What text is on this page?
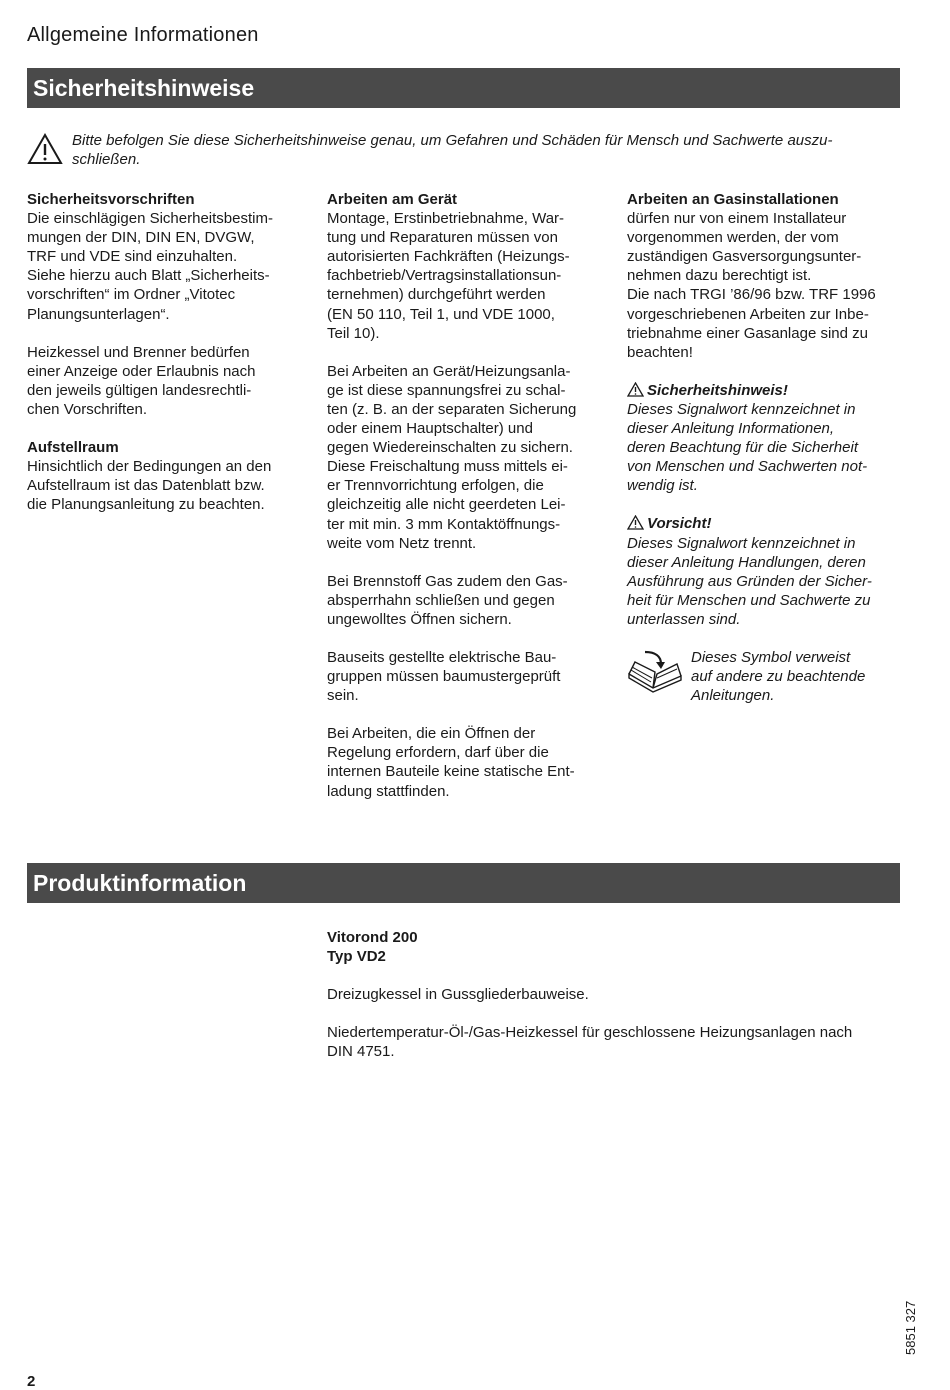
Allgemeine Informationen
Sicherheitshinweise
Bitte befolgen Sie diese Sicherheitshinweise genau, um Gefahren und Schäden für Mensch und Sachwerte auszu-
schließen.
Sicherheitsvorschriften
Die einschlägigen Sicherheitsbestim-
mungen der DIN, DIN EN, DVGW,
TRF und VDE sind einzuhalten.
Siehe hierzu auch Blatt „Sicherheits-
vorschriften“ im Ordner „Vitotec
Planungsunterlagen“.
Heizkessel und Brenner bedürfen
einer Anzeige oder Erlaubnis nach
den jeweils gültigen landesrechtli-
chen Vorschriften.
Aufstellraum
Hinsichtlich der Bedingungen an den
Aufstellraum ist das Datenblatt bzw.
die Planungsanleitung zu beachten.
Arbeiten am Gerät
Montage, Erstinbetriebnahme, War-
tung und Reparaturen müssen von
autorisierten Fachkräften (Heizungs-
fachbetrieb/Vertragsinstallationsun-
ternehmen) durchgeführt werden
(EN 50 110, Teil 1, und VDE 1000,
Teil 10).
Bei Arbeiten an Gerät/Heizungsanla-
ge ist diese spannungsfrei zu schal-
ten (z. B. an der separaten Sicherung
oder einem Hauptschalter) und
gegen Wiedereinschalten zu sichern.
Diese Freischaltung muss mittels ei-
er Trennvorrichtung erfolgen, die
gleichzeitig alle nicht geerdeten Lei-
ter mit min. 3 mm Kontaktöffnungs-
weite vom Netz trennt.
Bei Brennstoff Gas zudem den Gas-
absperrhahn schließen und gegen
ungewolltes Öffnen sichern.
Bauseits gestellte elektrische Bau-
gruppen müssen baumustergeprüft
sein.
Bei Arbeiten, die ein Öffnen der
Regelung erfordern, darf über die
internen Bauteile keine statische Ent-
ladung stattfinden.
Arbeiten an Gasinstallationen
dürfen nur von einem Installateur
vorgenommen werden, der vom
zuständigen Gasversorgungsunter-
nehmen dazu berechtigt ist.
Die nach TRGI ’86/96 bzw. TRF 1996
vorgeschriebenen Arbeiten zur Inbe-
triebnahme einer Gasanlage sind zu
beachten!
Sicherheitshinweis!
Dieses Signalwort kennzeichnet in
dieser Anleitung Informationen,
deren Beachtung für die Sicherheit
von Menschen und Sachwerten not-
wendig ist.
Vorsicht!
Dieses Signalwort kennzeichnet in
dieser Anleitung Handlungen, deren
Ausführung aus Gründen der Sicher-
heit für Menschen und Sachwerte zu
unterlassen sind.
Dieses Symbol verweist
auf andere zu beachtende
Anleitungen.
Produktinformation

Vitorond 200
Typ VD2

Dreizugkessel in Gussgliederbauweise.

Niedertemperatur-Öl-/Gas-Heizkessel für geschlossene Heizungsanlagen nach
DIN 4751.

5851 327
2
